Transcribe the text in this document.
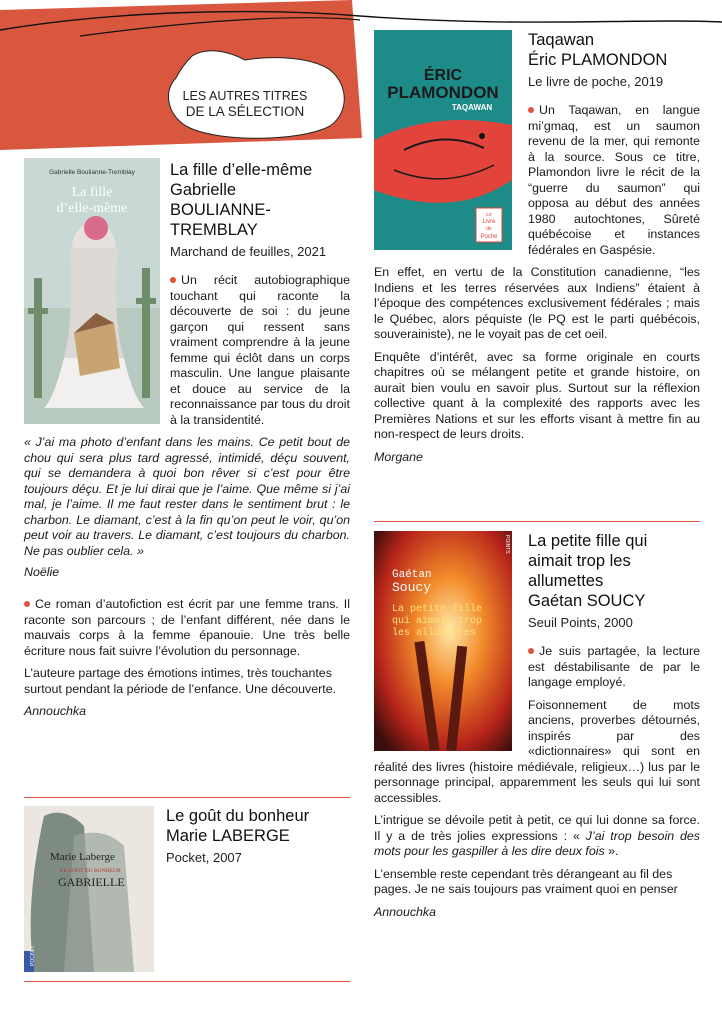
LES AUTRES TITRES
DE LA SÉLECTION
Gabrielle Boulianne-Tremblay
La fille
d’elle-même
La fille d’elle-même
Gabrielle
BOULIANNE-
TREMBLAY
Marchand de feuilles, 2021

Un récit autobiographique touchant qui raconte la découverte de soi : du jeune garçon qui ressent sans vraiment comprendre à la jeune femme qui éclôt dans un corps masculin. Une langue plaisante et douce au service de la reconnaissance par tous du droit à la transidentité.

« J’ai ma photo d’enfant dans les mains. Ce petit bout de chou qui sera plus tard agressé, intimidé, déçu souvent, qui se demandera à quoi bon rêver si c’est pour être toujours déçu. Et je lui dirai que je l’aime. Que même si j’ai mal, je l’aime. Il me faut rester dans le sentiment brut : le charbon. Le diamant, c’est à la fin qu’on peut le voir, qu’on peut voir au travers. Le diamant, c’est toujours du charbon. Ne pas oublier cela. »

Noëlie

Ce roman d’autofiction est écrit par une femme trans. Il raconte son parcours ; de l’enfant différent, née dans le mauvais corps à la femme épanouie. Une très belle écriture nous fait suivre l’évolution du personnage.

L’auteure partage des émotions intimes, très touchantes surtout pendant la période de l’enfance. Une découverte.

Annouchka

POCKET
Marie Laberge
LE GOÛT DU BONHEUR
GABRIELLE
Le goût du bonheur
Marie LABERGE
Pocket, 2007
ÉRIC
PLAMONDON
TAQAWAN
Le
Livre
de
Poche
Taqawan
Éric PLAMONDON
Le livre de poche, 2019

Un Taqawan, en langue mi’gmaq, est un saumon revenu de la mer, qui remonte à la source. Sous ce titre, Plamondon livre le récit de la “guerre du saumon” qui opposa au début des années 1980 autochtones, Sûreté québécoise et instances fédérales en Gaspésie.

En effet, en vertu de la Constitution canadienne, “les Indiens et les terres réservées aux Indiens” étaient à l’époque des compétences exclusivement fédérales ; mais le Québec, alors péquiste (le PQ est le parti québécois, souverainiste), ne le voyait pas de cet oeil.

Enquête d’intérêt, avec sa forme originale en courts chapitres où se mélangent petite et grande histoire, on aurait bien voulu en savoir plus. Surtout sur la réflexion collective quant à la complexité des rapports avec les Premières Nations et sur les efforts visant à mettre fin au non-respect de leurs droits.

Morgane

POINTS
Gaétan
Soucy
La petite fille
qui aimait trop
les allumettes
La petite fille qui
aimait trop les
allumettes
Gaétan SOUCY
Seuil Points, 2000

Je suis partagée, la lecture est déstabilisante de par le langage employé.

Foisonnement de mots anciens, proverbes détournés, inspirés par des «dictionnaires» qui sont en réalité des livres (histoire médiévale, religieux…) lus par le personnage principal, apparemment les seuls qui lui sont accessibles.

L’intrigue se dévoile petit à petit, ce qui lui donne sa force. Il y a de très jolies expressions : « J’ai trop besoin des mots pour les gaspiller à les dire deux fois ».

L’ensemble reste cependant très dérangeant au fil des pages. Je ne sais toujours pas vraiment quoi en penser

Annouchka
